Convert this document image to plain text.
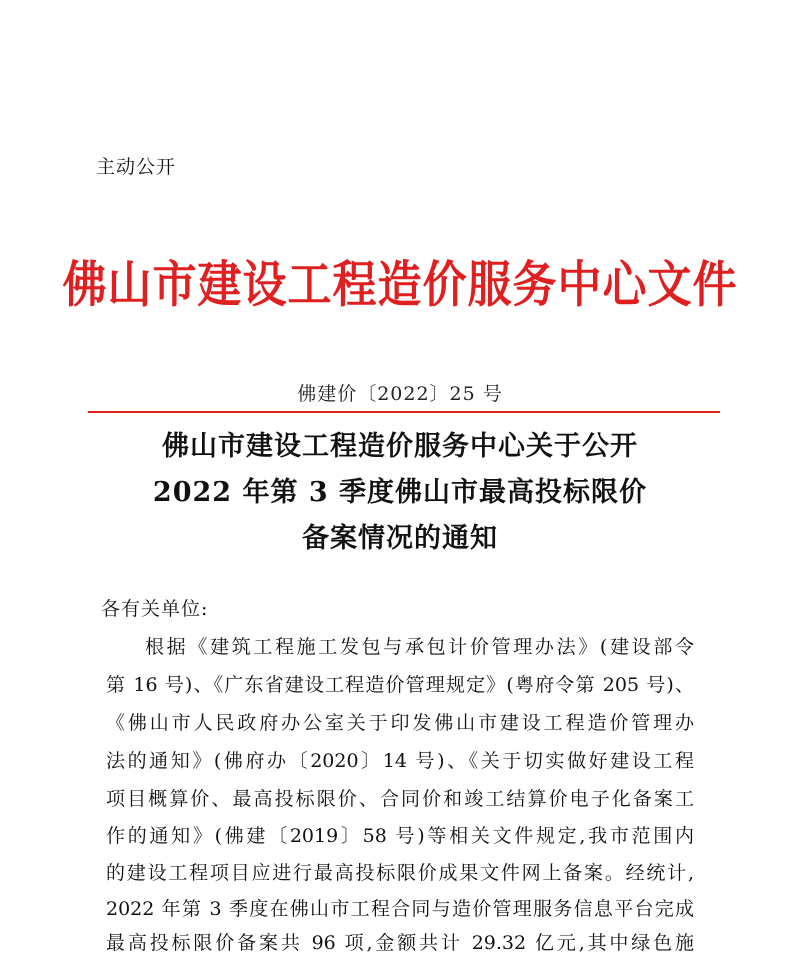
主动公开
佛山市建设工程造价服务中心文件
佛建价〔2022〕25 号
佛山市建设工程造价服务中心关于公开
2022 年第 3 季度佛山市最高投标限价
备案情况的通知
各有关单位:
根据《建筑工程施工发包与承包计价管理办法》(建设部令
第 16 号)、《广东省建设工程造价管理规定》(粤府令第 205 号)、
《佛山市人民政府办公室关于印发佛山市建设工程造价管理办
法的通知》(佛府办〔2020〕14 号)、《关于切实做好建设工程
项目概算价、最高投标限价、合同价和竣工结算价电子化备案工
作的通知》(佛建〔2019〕58 号)等相关文件规定,我市范围内
的建设工程项目应进行最高投标限价成果文件网上备案。经统计,
2022 年第 3 季度在佛山市工程合同与造价管理服务信息平台完成
最高投标限价备案共 96 项,金额共计 29.32 亿元,其中绿色施
